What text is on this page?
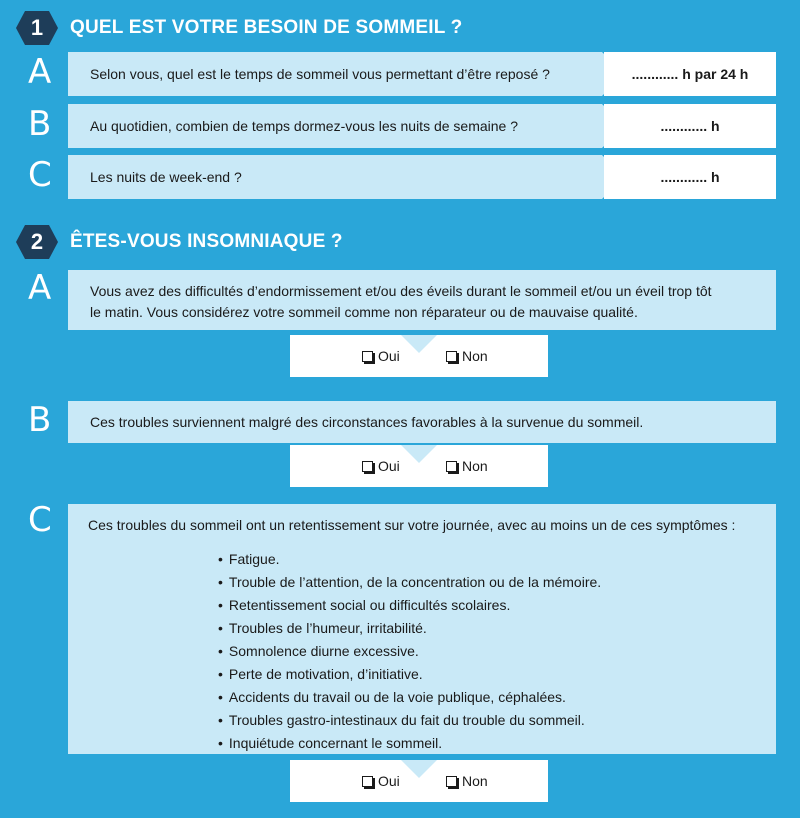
1 QUEL EST VOTRE BESOIN DE SOMMEIL ?
A	Selon vous, quel est le temps de sommeil vous permettant d’être reposé ?	............ h par 24 h
B	Au quotidien, combien de temps dormez-vous les nuits de semaine ?	............ h
C	Les nuits de week-end ?	............ h
2 ÊTES-VOUS INSOMNIAQUE ?
A	Vous avez des difficultés d’endormissement et/ou des éveils durant le sommeil et/ou un éveil trop tôt
le matin. Vous considérez votre sommeil comme non réparateur ou de mauvaise qualité.
Oui	Non
B	Ces troubles surviennent malgré des circonstances favorables à la survenue du sommeil.
Oui	Non
C	Ces troubles du sommeil ont un retentissement sur votre journée, avec au moins un de ces symptômes :
• Fatigue.
• Trouble de l’attention, de la concentration ou de la mémoire.
• Retentissement social ou difficultés scolaires.
• Troubles de l’humeur, irritabilité.
• Somnolence diurne excessive.
• Perte de motivation, d’initiative.
• Accidents du travail ou de la voie publique, céphalées.
• Troubles gastro-intestinaux du fait du trouble du sommeil.
• Inquiétude concernant le sommeil.
Oui	Non
